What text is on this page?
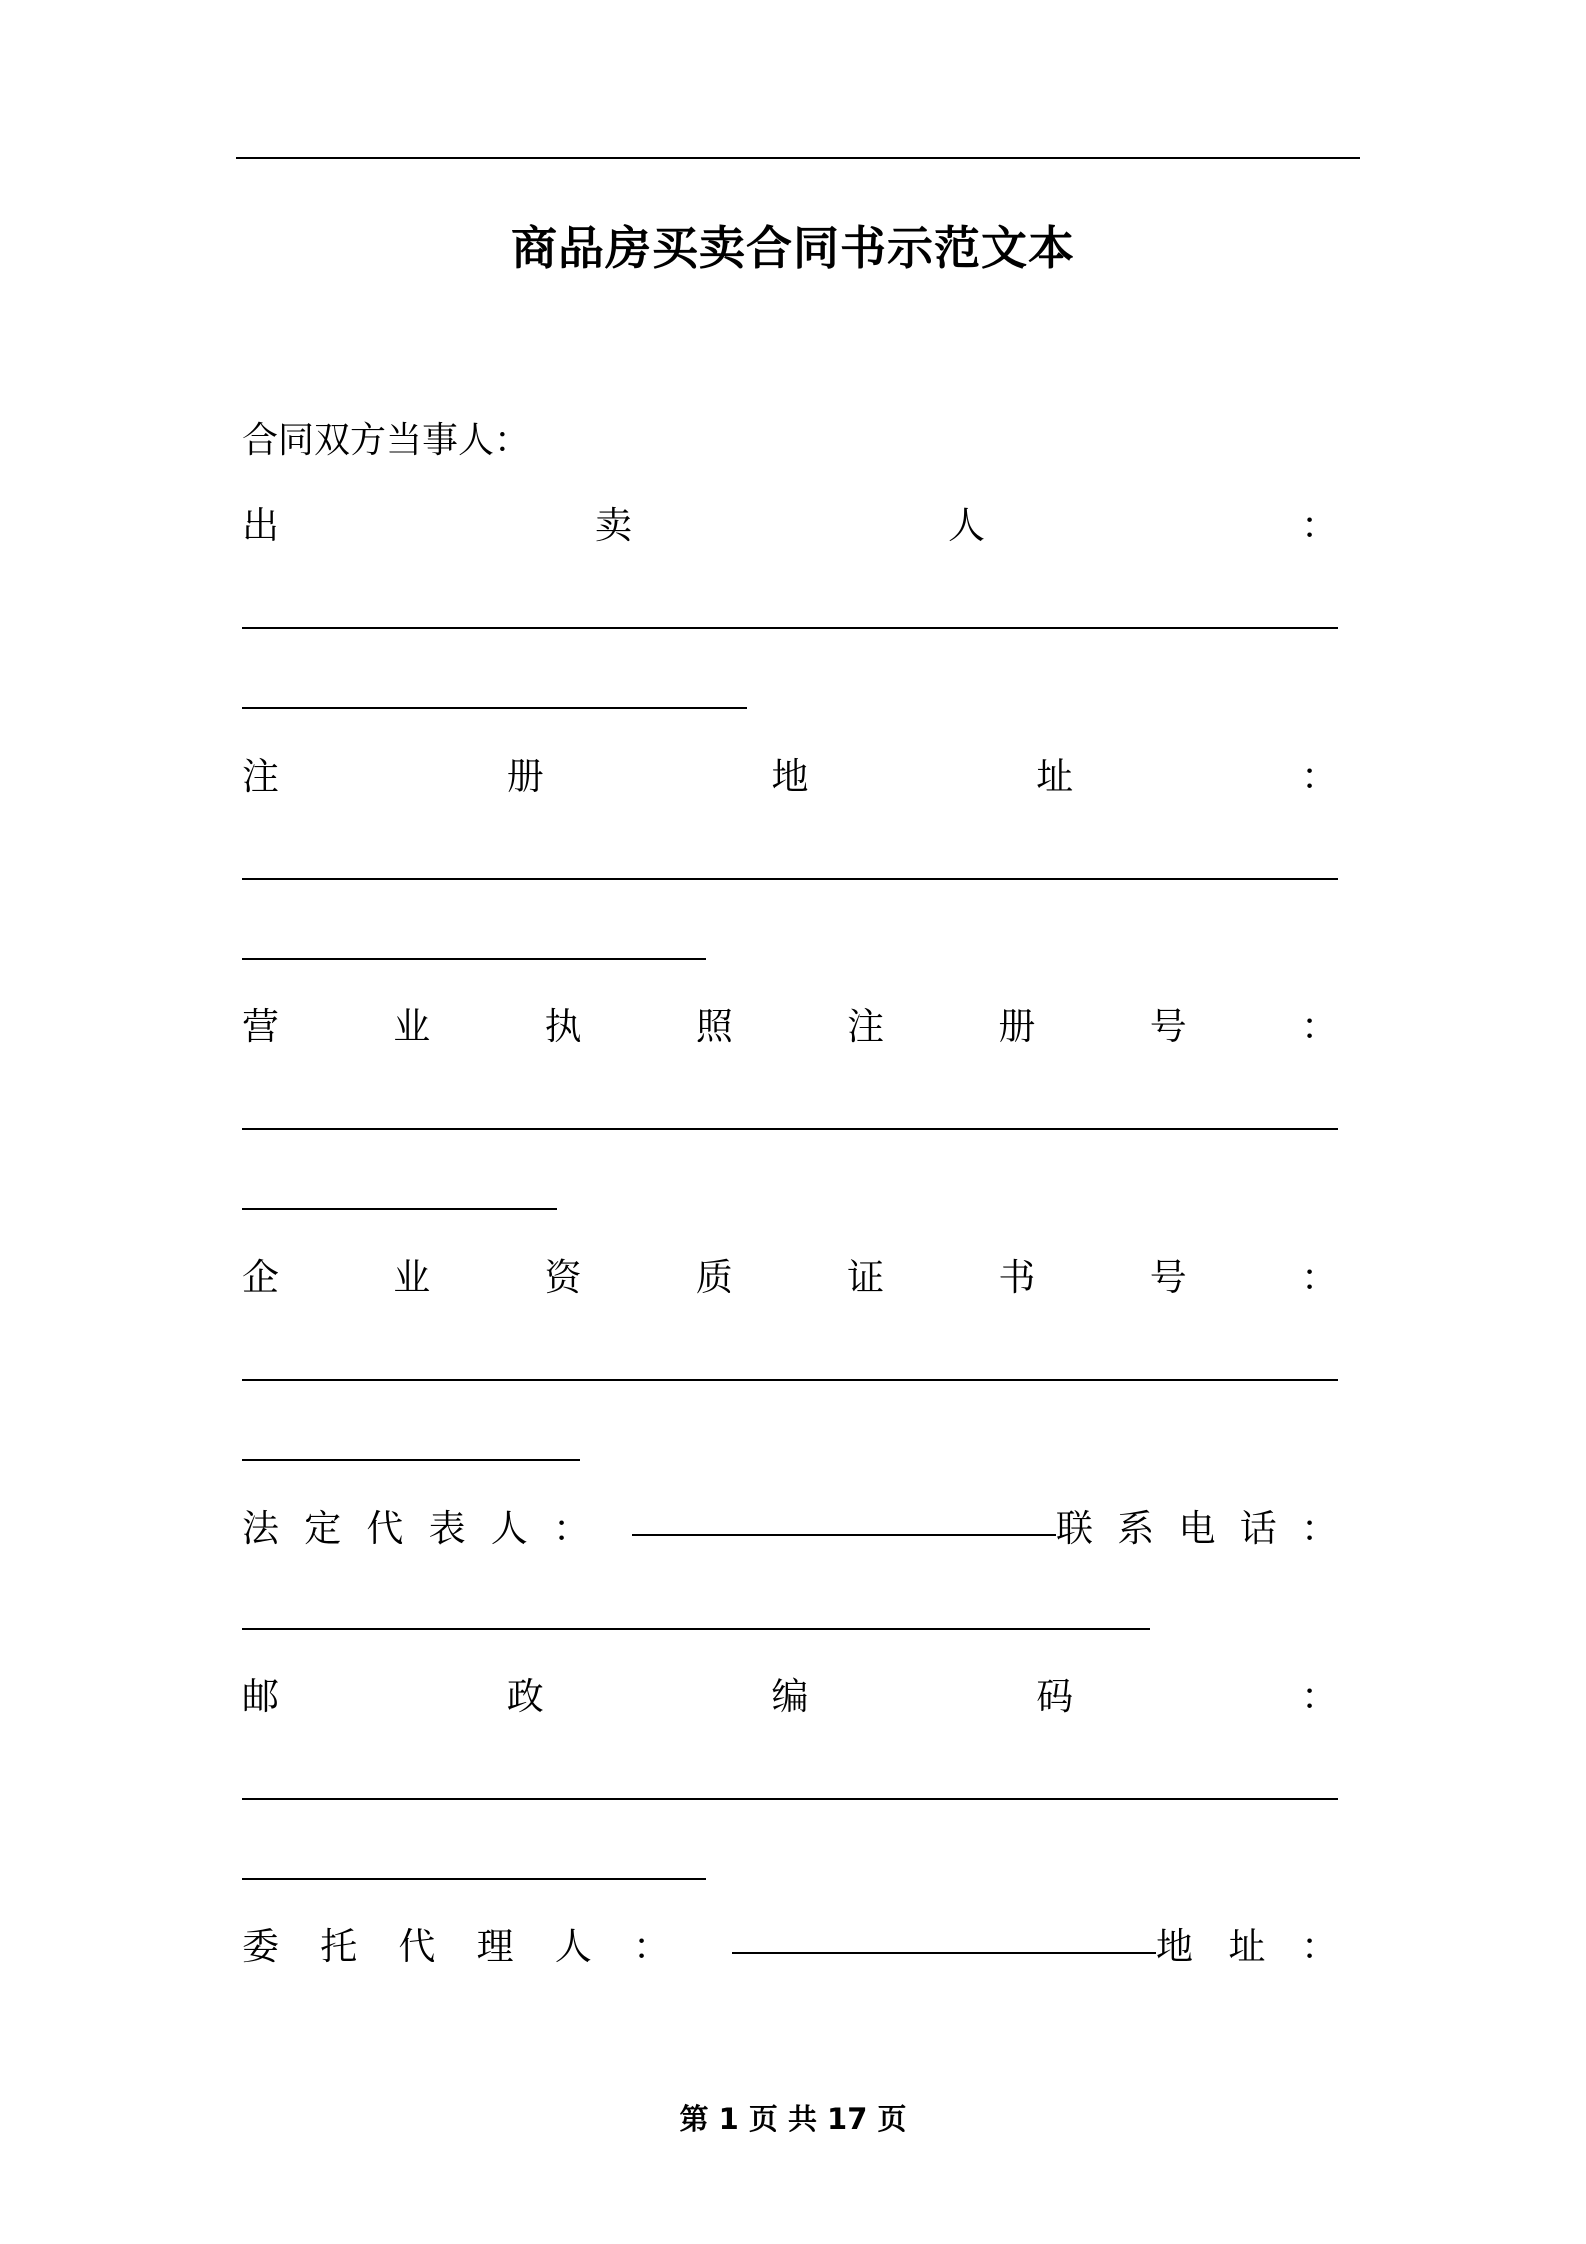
商品房买卖合同书示范文本
合同双方当事人：
出	卖	人	：
注	册	地	址	：
营	业	执	照	注	册	号	：
企	业	资	质	证	书	号	：
法 定 代 表 人 ：	联 系 电 话 ：
邮	政	编	码	：
委 托 代 理 人 ：	地 址 ：
第 1 页 共 17 页
